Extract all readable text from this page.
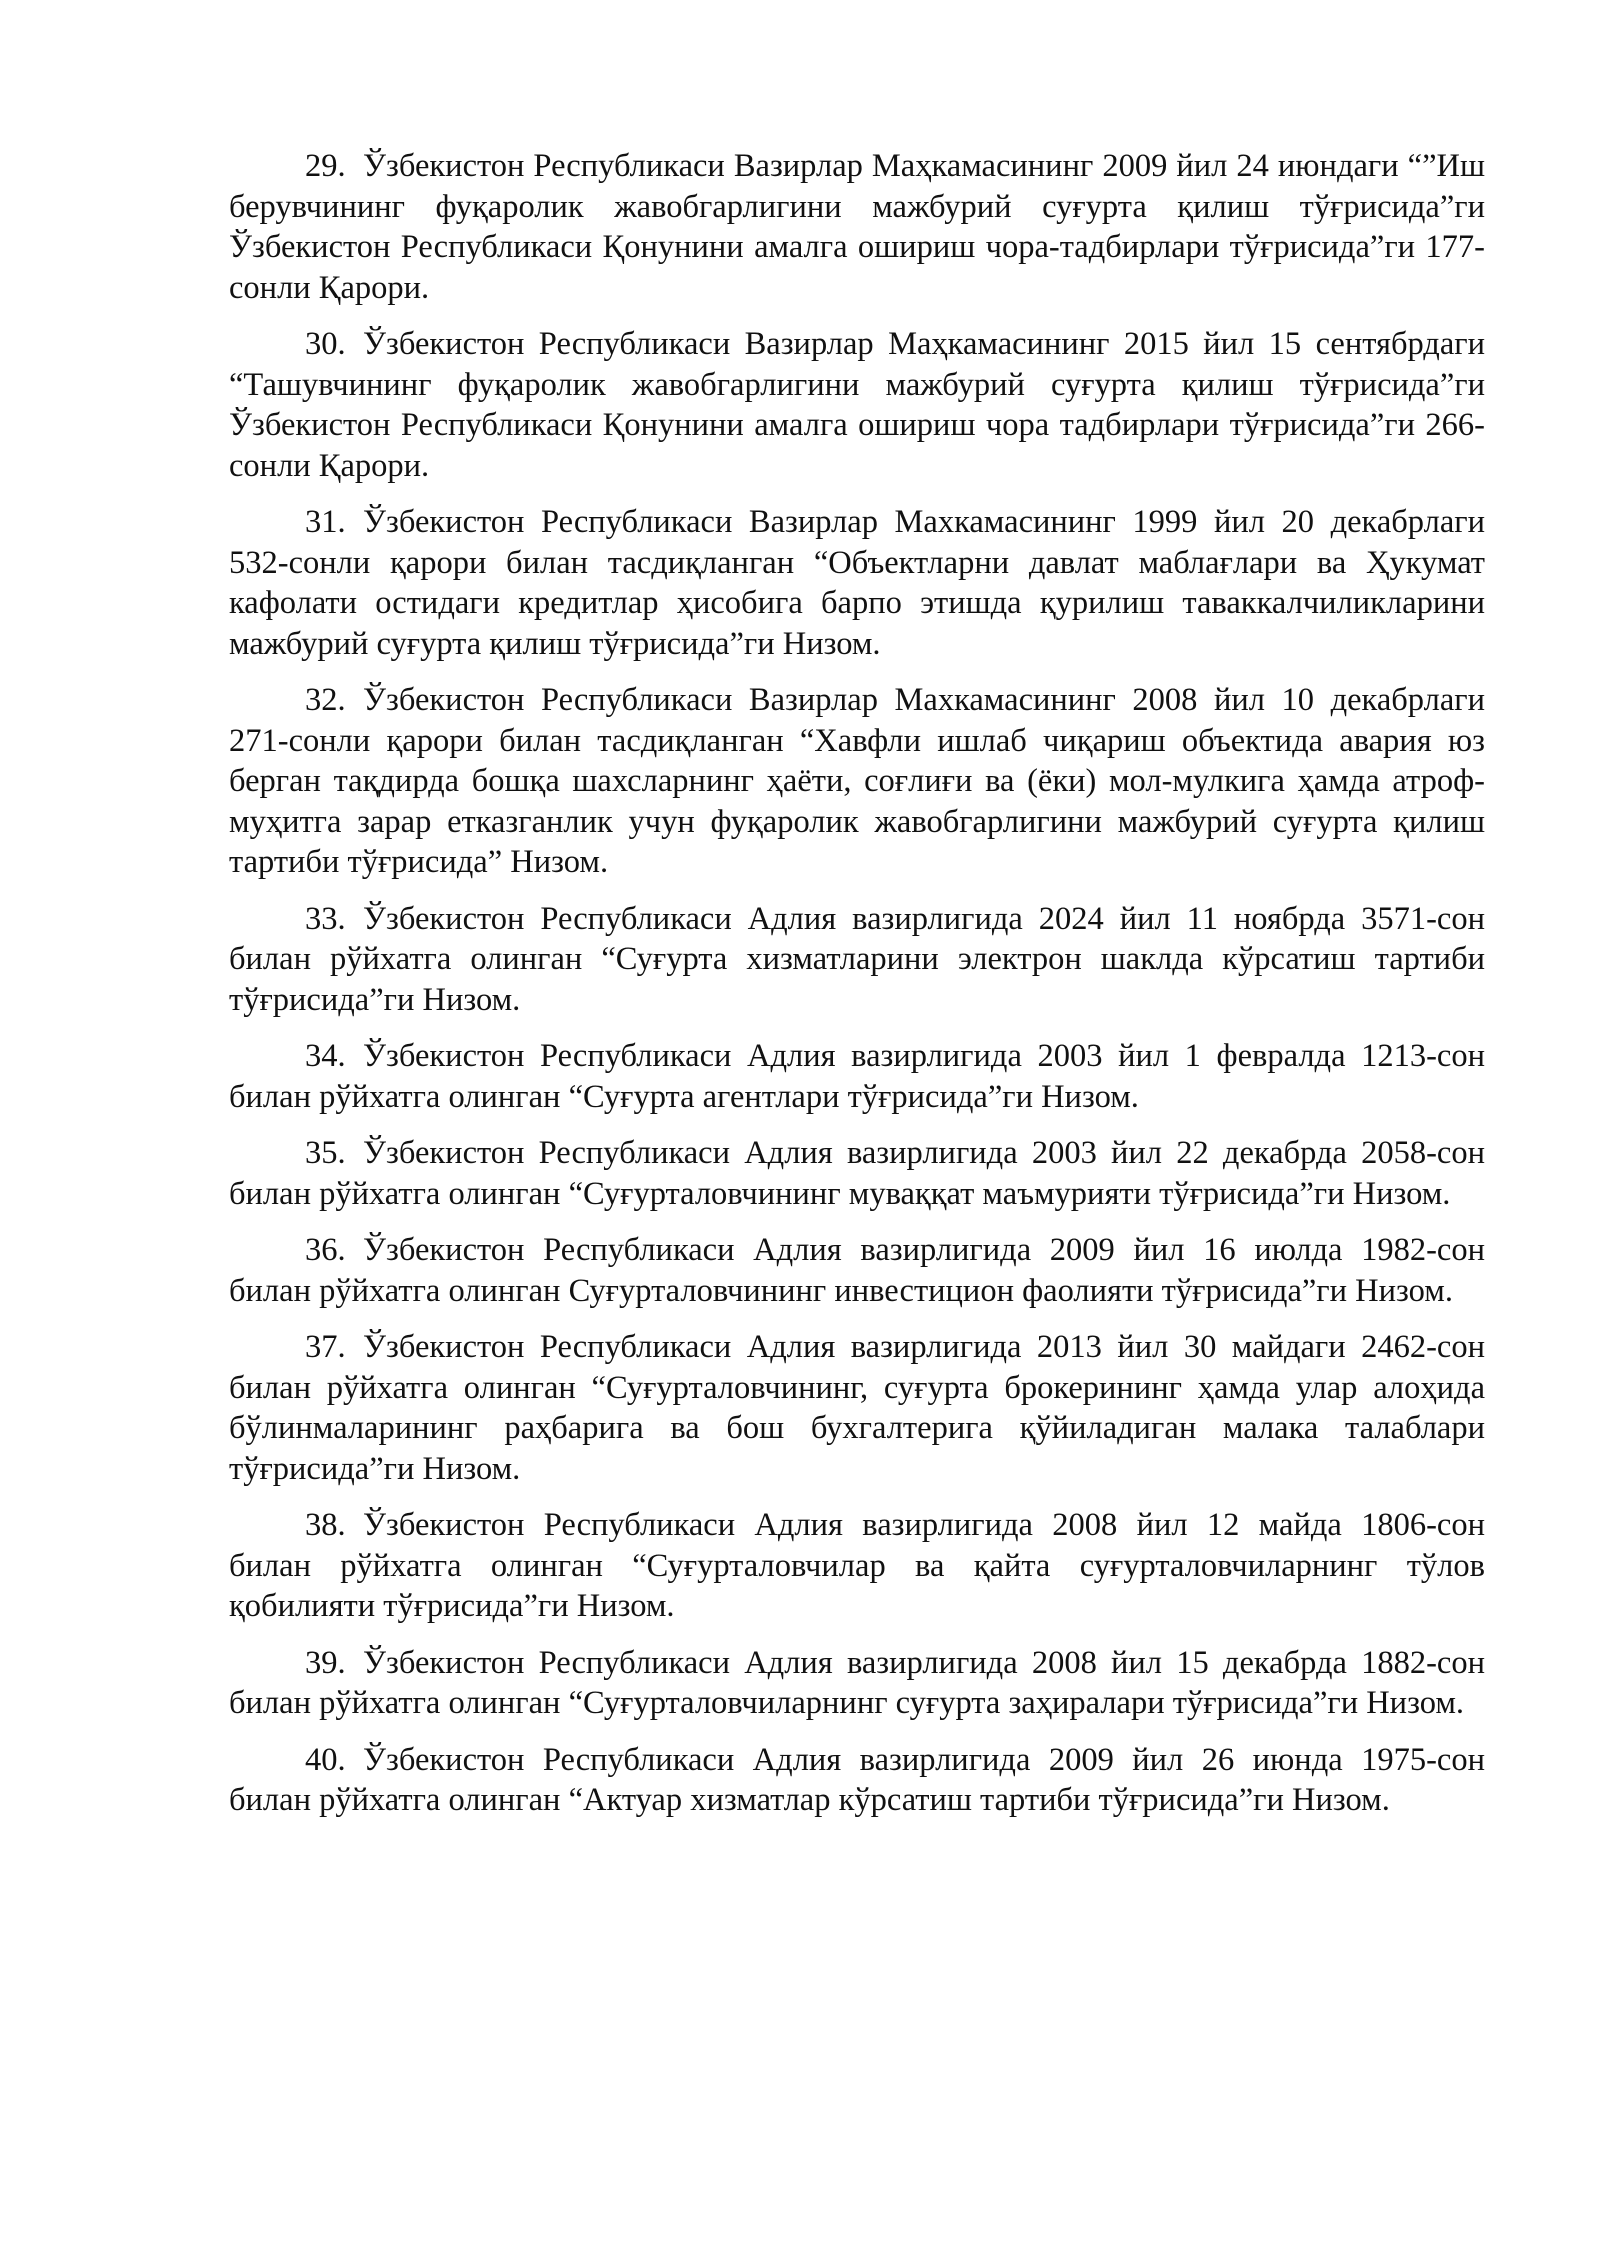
29. Ўзбекистон Республикаси Вазирлар Маҳкамасининг 2009 йил 24 июндаги “”Иш берувчининг фуқаролик жавобгарлигини мажбурий суғурта қилиш тўғрисида”ги Ўзбекистон Республикаси Қонунини амалга ошириш чора-тадбирлари тўғрисида”ги 177-сонли Қарори.

30. Ўзбекистон Республикаси Вазирлар Маҳкамасининг 2015 йил 15 сентябрдаги “Ташувчининг фуқаролик жавобгарлигини мажбурий суғурта қилиш тўғрисида”ги Ўзбекистон Республикаси Қонунини амалга ошириш чора тадбирлари тўғрисида”ги 266-сонли Қарори.

31. Ўзбекистон Республикаси Вазирлар Махкамасининг 1999 йил 20 декабрлаги 532-сонли қарори билан тасдиқланган “Объектларни давлат маблағлари ва Ҳукумат кафолати остидаги кредитлар ҳисобига барпо этишда қурилиш таваккалчиликларини мажбурий суғурта қилиш тўғрисида”ги Низом.

32. Ўзбекистон Республикаси Вазирлар Махкамасининг 2008 йил 10 декабрлаги 271-сонли қарори билан тасдиқланган “Хавфли ишлаб чиқариш объектида авария юз берган тақдирда бошқа шахсларнинг ҳаёти, соғлиғи ва (ёки) мол-мулкига ҳамда атроф-муҳитга зарар етказганлик учун фуқаролик жавобгарлигини мажбурий суғурта қилиш тартиби тўғрисида” Низом.

33. Ўзбекистон Республикаси Адлия вазирлигида 2024 йил 11 ноябрда 3571-сон билан рўйхатга олинган “Суғурта хизматларини электрон шаклда кўрсатиш тартиби тўғрисида”ги Низом.

34. Ўзбекистон Республикаси Адлия вазирлигида 2003 йил 1 февралда 1213-сон билан рўйхатга олинган “Суғурта агентлари тўғрисида”ги Низом.

35. Ўзбекистон Республикаси Адлия вазирлигида 2003 йил 22 декабрда 2058-сон билан рўйхатга олинган “Суғурталовчининг муваққат маъмурияти тўғрисида”ги Низом.

36. Ўзбекистон Республикаси Адлия вазирлигида 2009 йил 16 июлда 1982-сон билан рўйхатга олинган Суғурталовчининг инвестицион фаолияти тўғрисида”ги Низом.

37. Ўзбекистон Республикаси Адлия вазирлигида 2013 йил 30 майдаги 2462-сон билан рўйхатга олинган “Суғурталовчининг, суғурта брокерининг ҳамда улар алоҳида бўлинмаларининг раҳбарига ва бош бухгалтерига қўйиладиган малака талаблари тўғрисида”ги Низом.

38. Ўзбекистон Республикаси Адлия вазирлигида 2008 йил 12 майда 1806-сон билан рўйхатга олинган “Суғурталовчилар ва қайта суғурталовчиларнинг тўлов қобилияти тўғрисида”ги Низом.

39. Ўзбекистон Республикаси Адлия вазирлигида 2008 йил 15 декабрда 1882-сон билан рўйхатга олинган “Суғурталовчиларнинг суғурта заҳиралари тўғрисида”ги Низом.

40. Ўзбекистон Республикаси Адлия вазирлигида 2009 йил 26 июнда 1975-сон билан рўйхатга олинган “Актуар хизматлар кўрсатиш тартиби тўғрисида”ги Низом.
